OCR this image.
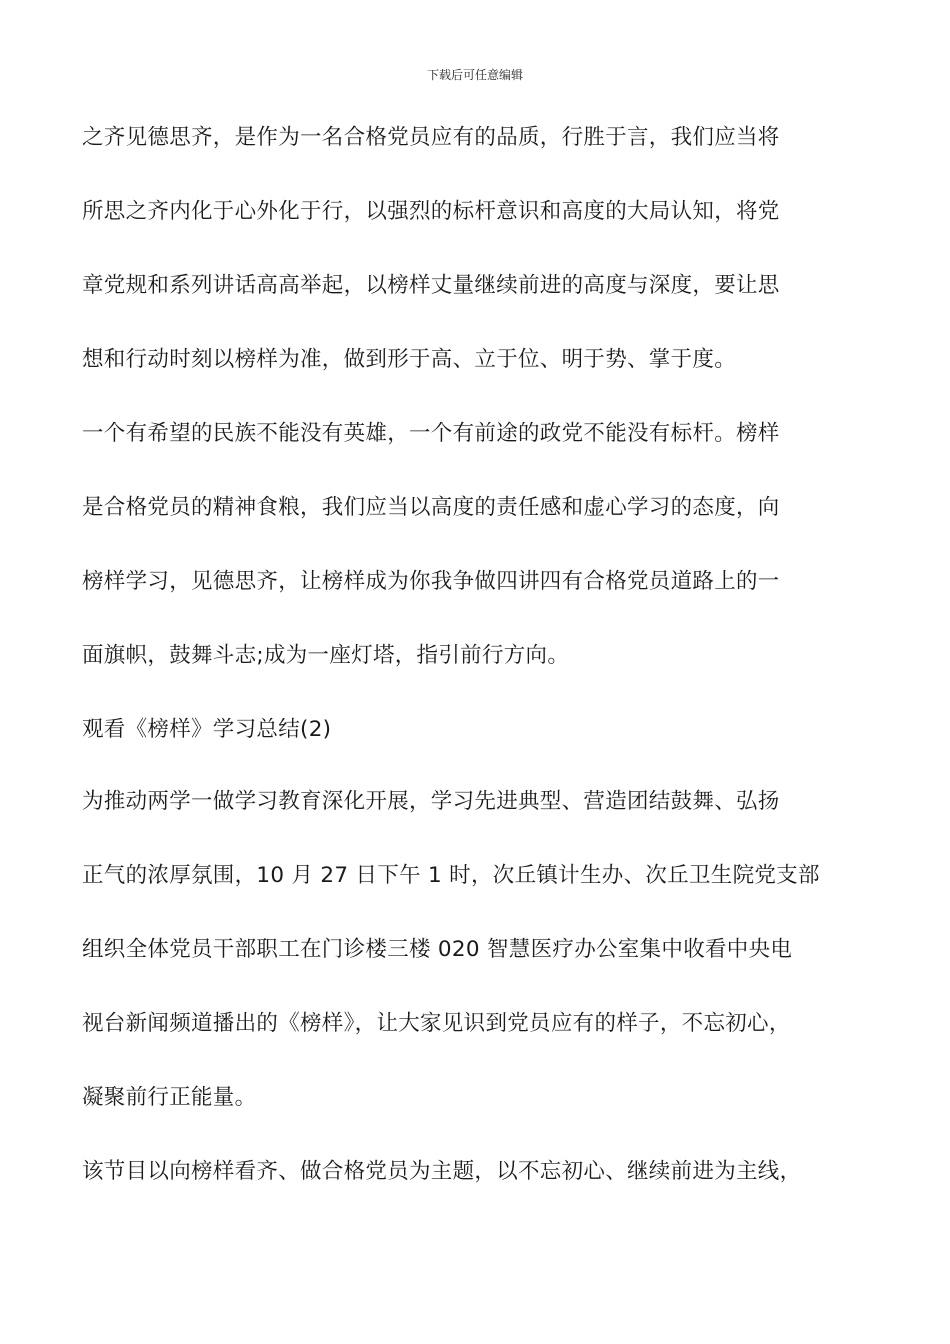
下载后可任意编辑
之齐见德思齐，是作为一名合格党员应有的品质，行胜于言，我们应当将
所思之齐内化于心外化于行，以强烈的标杆意识和高度的大局认知，将党
章党规和系列讲话高高举起，以榜样丈量继续前进的高度与深度，要让思
想和行动时刻以榜样为准，做到形于高、立于位、明于势、掌于度。
一个有希望的民族不能没有英雄，一个有前途的政党不能没有标杆。榜样
是合格党员的精神食粮，我们应当以高度的责任感和虚心学习的态度，向
榜样学习，见德思齐，让榜样成为你我争做四讲四有合格党员道路上的一
面旗帜，鼓舞斗志;成为一座灯塔，指引前行方向。
观看《榜样》学习总结(2)
为推动两学一做学习教育深化开展，学习先进典型、营造团结鼓舞、弘扬
正气的浓厚氛围，10 月 27 日下午 1 时，次丘镇计生办、次丘卫生院党支部
组织全体党员干部职工在门诊楼三楼 020 智慧医疗办公室集中收看中央电
视台新闻频道播出的《榜样》，让大家见识到党员应有的样子，不忘初心，
凝聚前行正能量。
该节目以向榜样看齐、做合格党员为主题，以不忘初心、继续前进为主线，
